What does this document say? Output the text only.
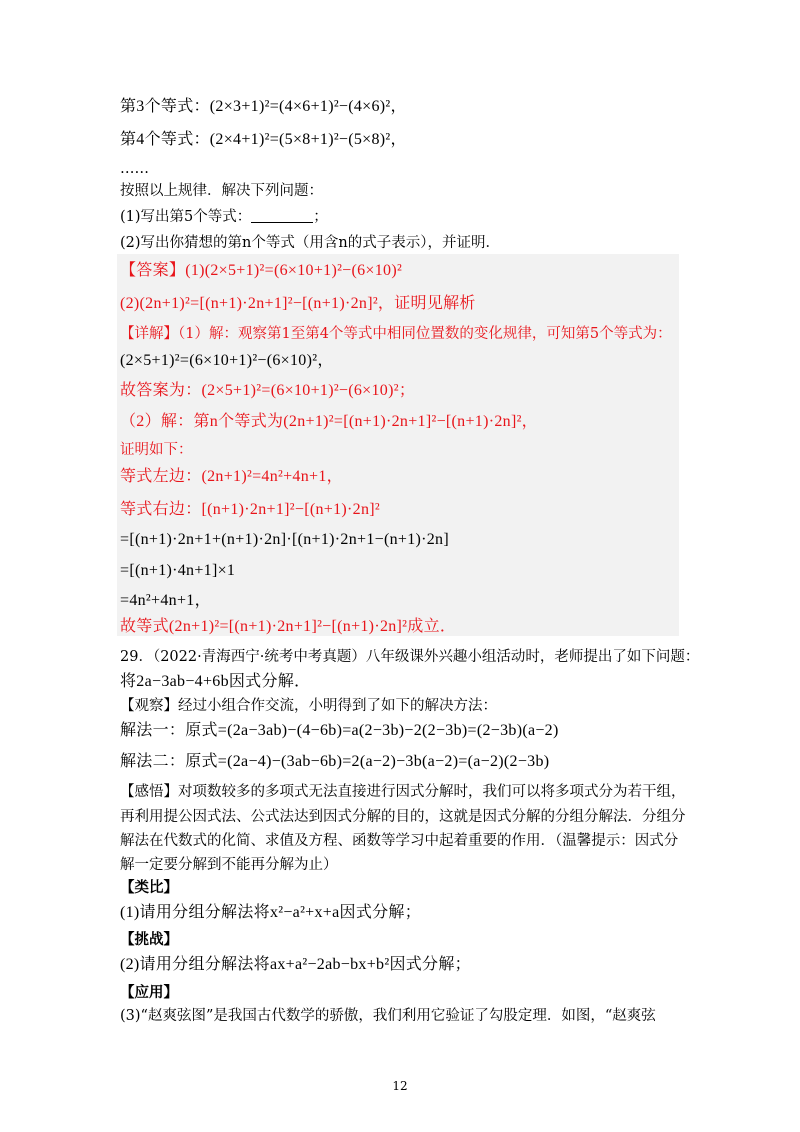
第3个等式：(2×3+1)²=(4×6+1)²−(4×6)²，
第4个等式：(2×4+1)²=(5×8+1)²−(5×8)²，
……
按照以上规律．解决下列问题：
(1)写出第5个等式：	；
(2)写出你猜想的第n个等式（用含n的式子表示），并证明．
【答案】(1)(2×5+1)²=(6×10+1)²−(6×10)²
(2)(2n+1)²=[(n+1)·2n+1]²−[(n+1)·2n]²，证明见解析
【详解】（1）解：观察第1至第4个等式中相同位置数的变化规律，可知第5个等式为：
(2×5+1)²=(6×10+1)²−(6×10)²，
故答案为：(2×5+1)²=(6×10+1)²−(6×10)²；
（2）解：第n个等式为(2n+1)²=[(n+1)·2n+1]²−[(n+1)·2n]²，
证明如下：
等式左边：(2n+1)²=4n²+4n+1，
等式右边：[(n+1)·2n+1]²−[(n+1)·2n]²
=[(n+1)·2n+1+(n+1)·2n]·[(n+1)·2n+1−(n+1)·2n]
=[(n+1)·4n+1]×1
=4n²+4n+1，
故等式(2n+1)²=[(n+1)·2n+1]²−[(n+1)·2n]²成立．
29．（2022·青海西宁·统考中考真题）八年级课外兴趣小组活动时，老师提出了如下问题：
将2a−3ab−4+6b因式分解．
【观察】经过小组合作交流，小明得到了如下的解决方法：
解法一：原式=(2a−3ab)−(4−6b)=a(2−3b)−2(2−3b)=(2−3b)(a−2)
解法二：原式=(2a−4)−(3ab−6b)=2(a−2)−3b(a−2)=(a−2)(2−3b)
【感悟】对项数较多的多项式无法直接进行因式分解时，我们可以将多项式分为若干组，
再利用提公因式法、公式法达到因式分解的目的，这就是因式分解的分组分解法．分组分
解法在代数式的化简、求值及方程、函数等学习中起着重要的作用．（温馨提示：因式分
解一定要分解到不能再分解为止）
【类比】
(1)请用分组分解法将x²−a²+x+a因式分解；
【挑战】
(2)请用分组分解法将ax+a²−2ab−bx+b²因式分解；
【应用】
(3)“赵爽弦图”是我国古代数学的骄傲，我们利用它验证了勾股定理．如图，“赵爽弦
12
